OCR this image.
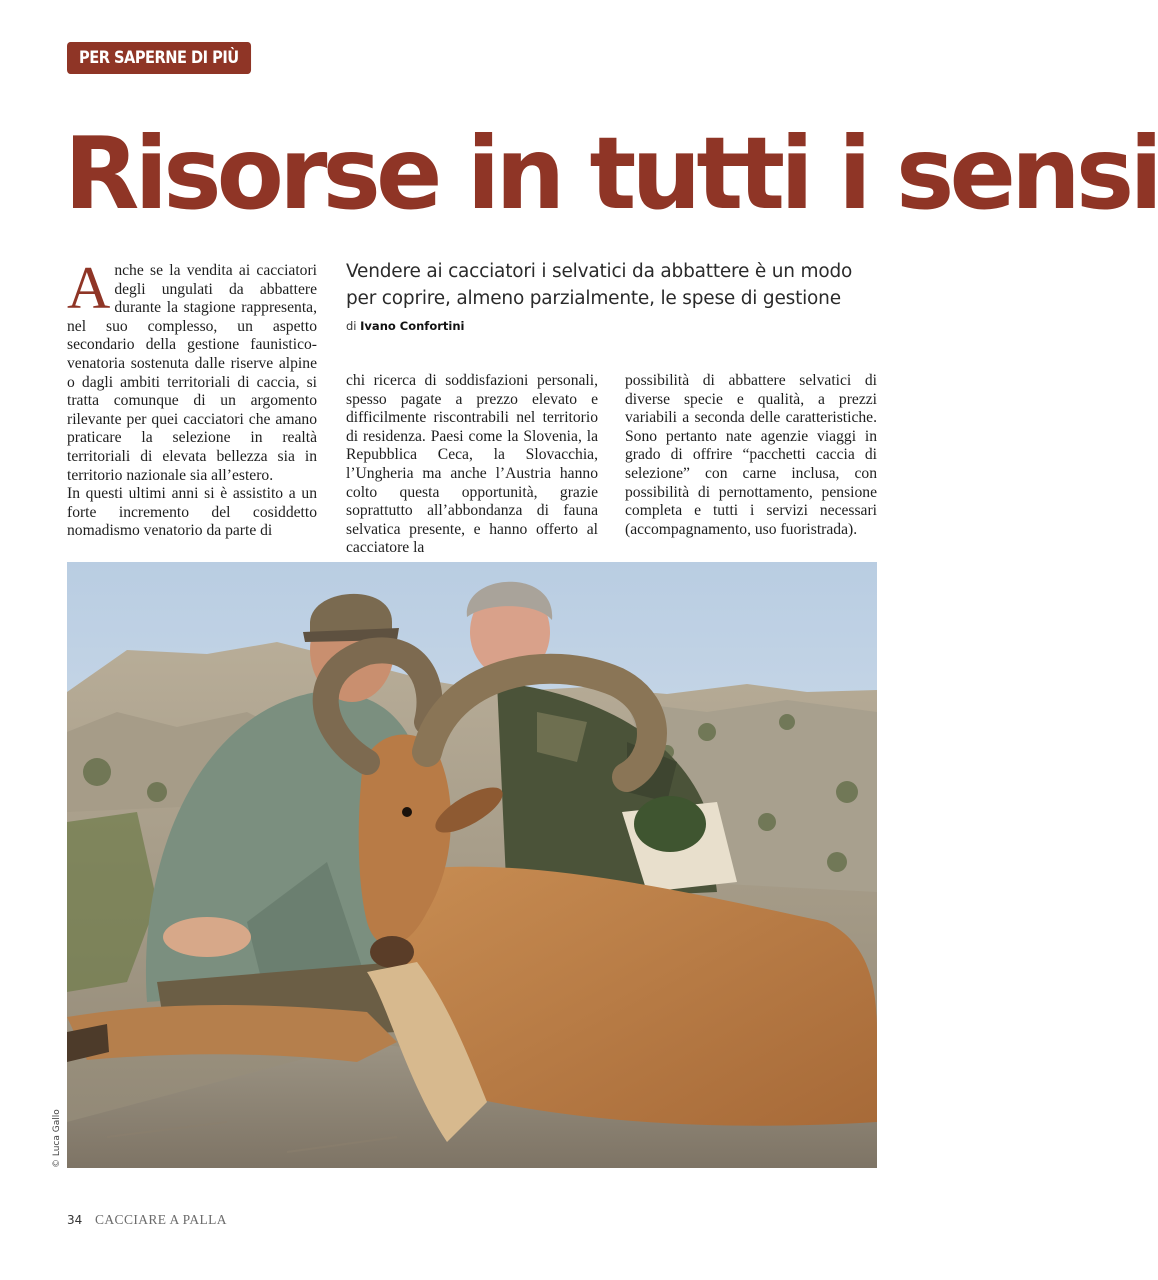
PER SAPERNE DI PIÙ
Risorse in tutti i sensi
A nche se la vendita ai cacciatori degli ungulati da abbattere durante la stagione rappresenta, nel suo complesso, un aspetto secondario della gestione faunistico-venatoria sostenuta dalle riserve alpine o dagli ambiti territoriali di caccia, si tratta comunque di un argomento rilevante per quei cacciatori che amano praticare la selezione in realtà territoriali di elevata bellezza sia in territorio nazionale sia all’estero.

In questi ultimi anni si è assistito a un forte incremento del cosiddetto nomadismo venatorio da parte di

Vendere ai cacciatori i selvatici da abbattere è un modo per coprire, almeno parzialmente, le spese di gestione
di Ivano Confortini

chi ricerca di soddisfazioni personali, spesso pagate a prezzo elevato e difficilmente riscontrabili nel territorio di residenza. Paesi come la Slovenia, la Repubblica Ceca, la Slovacchia, l’Ungheria ma anche l’Austria hanno colto questa opportunità, grazie soprattutto all’abbondanza di fauna selvatica presente, e hanno offerto al cacciatore la

possibilità di abbattere selvatici di diverse specie e qualità, a prezzi variabili a seconda delle caratteristiche. Sono pertanto nate agenzie viaggi in grado di offrire “pacchetti caccia di selezione” con carne inclusa, con possibilità di pernottamento, pensione completa e tutti i servizi necessari (accompagnamento, uso fuoristrada).

© Luca Gallo
34 CACCIARE A PALLA
